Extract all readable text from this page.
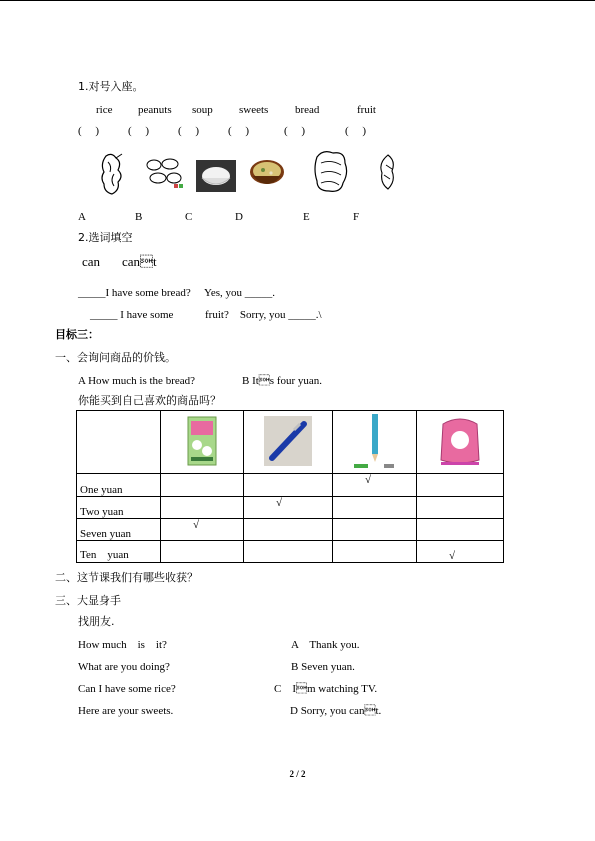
1.对号入座。
rice peanuts soup sweets bread	fruit
(　 )	(　 )	(　 )	(　 )	(　 )	(　 )
A	B	C	D	E	F
2.选词填空
can cant
_____I have some bread?　 Yes, you _____.
_____ I have some	fruit?　Sorry, you _____.\
目标三：
一、会询问商品的价钱。
A How much is the bread?	B Its four yuan.
你能买到自己喜欢的商品吗？

One yuan			√	
Two yuan		√		
Seven yuan	√			
Ten　yuan				√
二、这节课我们有哪些收获？
三、大显身手
找朋友.
How much　is　it?
What are you doing?
Can I have some rice?
Here are your sweets.
A　Thank you.
B Seven yuan.
C　Im watching TV.
D Sorry, you cant.
2 / 2
